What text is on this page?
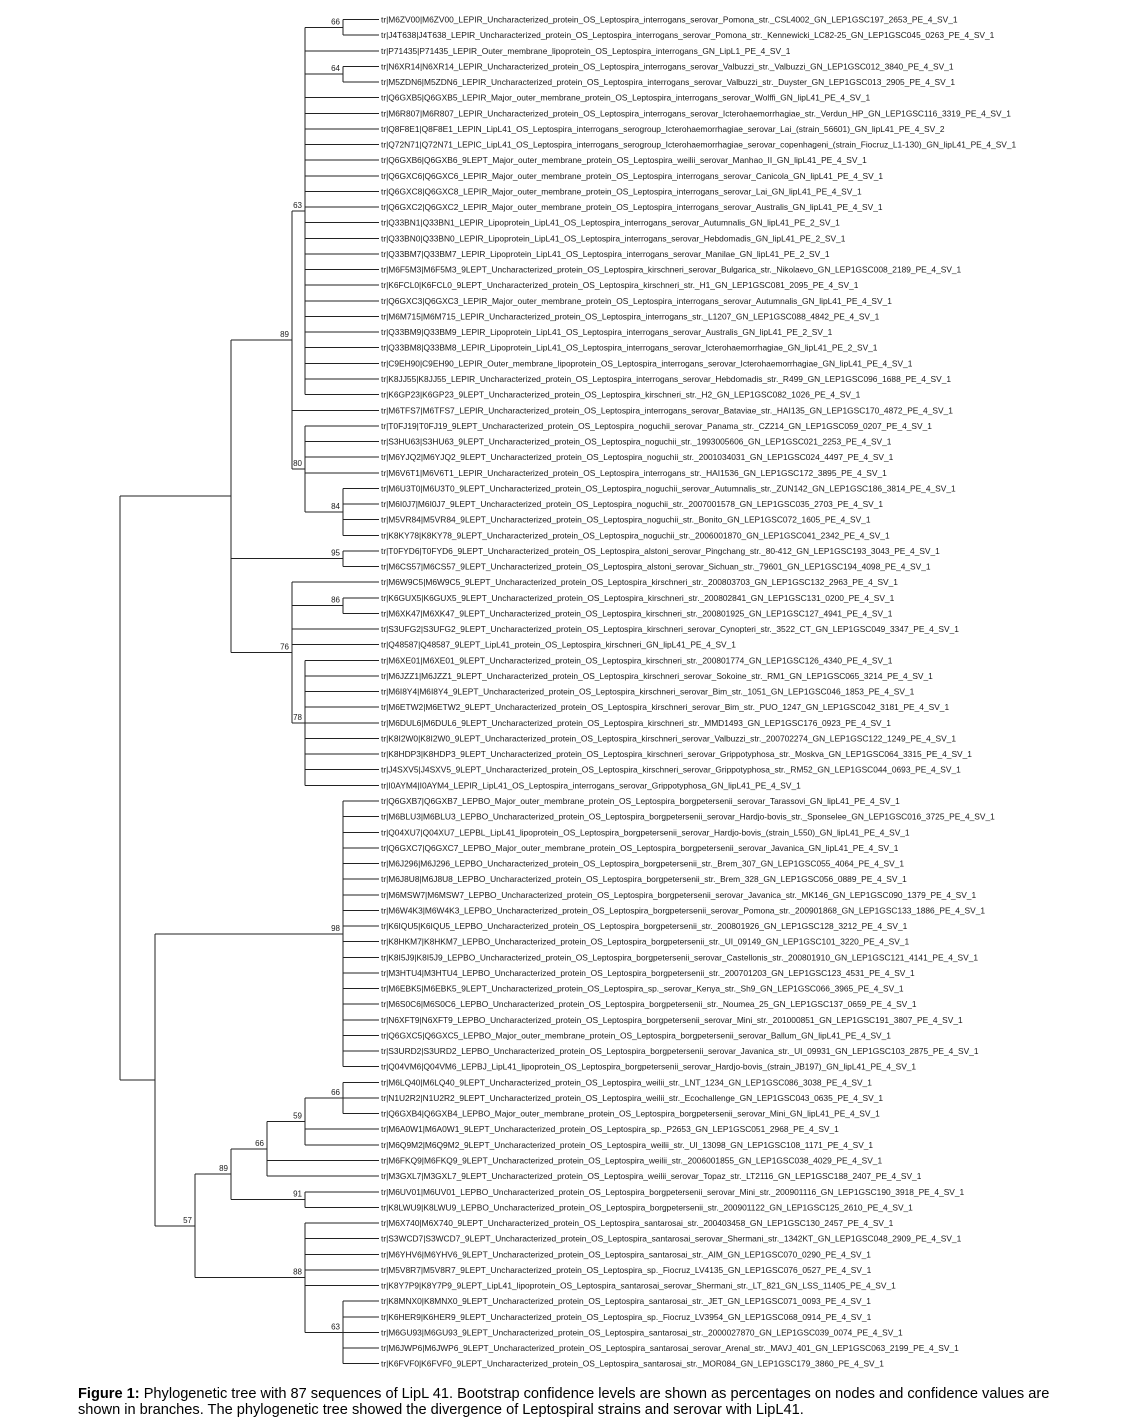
66
64
63
84
80
89
95
86
78
76
98
66
59
66
91
89
63
88
57
tr|M6ZV00|M6ZV00_LEPIR_Uncharacterized_protein_OS_Leptospira_interrogans_serovar_Pomona_str._CSL4002_GN_LEP1GSC197_2653_PE_4_SV_1
tr|J4T638|J4T638_LEPIR_Uncharacterized_protein_OS_Leptospira_interrogans_serovar_Pomona_str._Kennewicki_LC82-25_GN_LEP1GSC045_0263_PE_4_SV_1
tr|P71435|P71435_LEPIR_Outer_membrane_lipoprotein_OS_Leptospira_interrogans_GN_LipL1_PE_4_SV_1
tr|N6XR14|N6XR14_LEPIR_Uncharacterized_protein_OS_Leptospira_interrogans_serovar_Valbuzzi_str._Valbuzzi_GN_LEP1GSC012_3840_PE_4_SV_1
tr|M5ZDN6|M5ZDN6_LEPIR_Uncharacterized_protein_OS_Leptospira_interrogans_serovar_Valbuzzi_str._Duyster_GN_LEP1GSC013_2905_PE_4_SV_1
tr|Q6GXB5|Q6GXB5_LEPIR_Major_outer_membrane_protein_OS_Leptospira_interrogans_serovar_Wolffi_GN_lipL41_PE_4_SV_1
tr|M6R807|M6R807_LEPIR_Uncharacterized_protein_OS_Leptospira_interrogans_serovar_Icterohaemorrhagiae_str._Verdun_HP_GN_LEP1GSC116_3319_PE_4_SV_1
tr|Q8F8E1|Q8F8E1_LEPIN_LipL41_OS_Leptospira_interrogans_serogroup_Icterohaemorrhagiae_serovar_Lai_(strain_56601)_GN_lipL41_PE_4_SV_2
tr|Q72N71|Q72N71_LEPIC_LipL41_OS_Leptospira_interrogans_serogroup_Icterohaemorrhagiae_serovar_copenhageni_(strain_Fiocruz_L1-130)_GN_lipL41_PE_4_SV_1
tr|Q6GXB6|Q6GXB6_9LEPT_Major_outer_membrane_protein_OS_Leptospira_weilii_serovar_Manhao_II_GN_lipL41_PE_4_SV_1
tr|Q6GXC6|Q6GXC6_LEPIR_Major_outer_membrane_protein_OS_Leptospira_interrogans_serovar_Canicola_GN_lipL41_PE_4_SV_1
tr|Q6GXC8|Q6GXC8_LEPIR_Major_outer_membrane_protein_OS_Leptospira_interrogans_serovar_Lai_GN_lipL41_PE_4_SV_1
tr|Q6GXC2|Q6GXC2_LEPIR_Major_outer_membrane_protein_OS_Leptospira_interrogans_serovar_Australis_GN_lipL41_PE_4_SV_1
tr|Q33BN1|Q33BN1_LEPIR_Lipoprotein_LipL41_OS_Leptospira_interrogans_serovar_Autumnalis_GN_lipL41_PE_2_SV_1
tr|Q33BN0|Q33BN0_LEPIR_Lipoprotein_LipL41_OS_Leptospira_interrogans_serovar_Hebdomadis_GN_lipL41_PE_2_SV_1
tr|Q33BM7|Q33BM7_LEPIR_Lipoprotein_LipL41_OS_Leptospira_interrogans_serovar_Manilae_GN_lipL41_PE_2_SV_1
tr|M6F5M3|M6F5M3_9LEPT_Uncharacterized_protein_OS_Leptospira_kirschneri_serovar_Bulgarica_str._Nikolaevo_GN_LEP1GSC008_2189_PE_4_SV_1
tr|K6FCL0|K6FCL0_9LEPT_Uncharacterized_protein_OS_Leptospira_kirschneri_str._H1_GN_LEP1GSC081_2095_PE_4_SV_1
tr|Q6GXC3|Q6GXC3_LEPIR_Major_outer_membrane_protein_OS_Leptospira_interrogans_serovar_Autumnalis_GN_lipL41_PE_4_SV_1
tr|M6M715|M6M715_LEPIR_Uncharacterized_protein_OS_Leptospira_interrogans_str._L1207_GN_LEP1GSC088_4842_PE_4_SV_1
tr|Q33BM9|Q33BM9_LEPIR_Lipoprotein_LipL41_OS_Leptospira_interrogans_serovar_Australis_GN_lipL41_PE_2_SV_1
tr|Q33BM8|Q33BM8_LEPIR_Lipoprotein_LipL41_OS_Leptospira_interrogans_serovar_Icterohaemorrhagiae_GN_lipL41_PE_2_SV_1
tr|C9EH90|C9EH90_LEPIR_Outer_membrane_lipoprotein_OS_Leptospira_interrogans_serovar_Icterohaemorrhagiae_GN_lipL41_PE_4_SV_1
tr|K8JJ55|K8JJ55_LEPIR_Uncharacterized_protein_OS_Leptospira_interrogans_serovar_Hebdomadis_str._R499_GN_LEP1GSC096_1688_PE_4_SV_1
tr|K6GP23|K6GP23_9LEPT_Uncharacterized_protein_OS_Leptospira_kirschneri_str._H2_GN_LEP1GSC082_1026_PE_4_SV_1
tr|M6TFS7|M6TFS7_LEPIR_Uncharacterized_protein_OS_Leptospira_interrogans_serovar_Bataviae_str._HAI135_GN_LEP1GSC170_4872_PE_4_SV_1
tr|T0FJ19|T0FJ19_9LEPT_Uncharacterized_protein_OS_Leptospira_noguchii_serovar_Panama_str._CZ214_GN_LEP1GSC059_0207_PE_4_SV_1
tr|S3HU63|S3HU63_9LEPT_Uncharacterized_protein_OS_Leptospira_noguchii_str._1993005606_GN_LEP1GSC021_2253_PE_4_SV_1
tr|M6YJQ2|M6YJQ2_9LEPT_Uncharacterized_protein_OS_Leptospira_noguchii_str._2001034031_GN_LEP1GSC024_4497_PE_4_SV_1
tr|M6V6T1|M6V6T1_LEPIR_Uncharacterized_protein_OS_Leptospira_interrogans_str._HAI1536_GN_LEP1GSC172_3895_PE_4_SV_1
tr|M6U3T0|M6U3T0_9LEPT_Uncharacterized_protein_OS_Leptospira_noguchii_serovar_Autumnalis_str._ZUN142_GN_LEP1GSC186_3814_PE_4_SV_1
tr|M6I0J7|M6I0J7_9LEPT_Uncharacterized_protein_OS_Leptospira_noguchii_str._2007001578_GN_LEP1GSC035_2703_PE_4_SV_1
tr|M5VR84|M5VR84_9LEPT_Uncharacterized_protein_OS_Leptospira_noguchii_str._Bonito_GN_LEP1GSC072_1605_PE_4_SV_1
tr|K8KY78|K8KY78_9LEPT_Uncharacterized_protein_OS_Leptospira_noguchii_str._2006001870_GN_LEP1GSC041_2342_PE_4_SV_1
tr|T0FYD6|T0FYD6_9LEPT_Uncharacterized_protein_OS_Leptospira_alstoni_serovar_Pingchang_str._80-412_GN_LEP1GSC193_3043_PE_4_SV_1
tr|M6CS57|M6CS57_9LEPT_Uncharacterized_protein_OS_Leptospira_alstoni_serovar_Sichuan_str._79601_GN_LEP1GSC194_4098_PE_4_SV_1
tr|M6W9C5|M6W9C5_9LEPT_Uncharacterized_protein_OS_Leptospira_kirschneri_str._200803703_GN_LEP1GSC132_2963_PE_4_SV_1
tr|K6GUX5|K6GUX5_9LEPT_Uncharacterized_protein_OS_Leptospira_kirschneri_str._200802841_GN_LEP1GSC131_0200_PE_4_SV_1
tr|M6XK47|M6XK47_9LEPT_Uncharacterized_protein_OS_Leptospira_kirschneri_str._200801925_GN_LEP1GSC127_4941_PE_4_SV_1
tr|S3UFG2|S3UFG2_9LEPT_Uncharacterized_protein_OS_Leptospira_kirschneri_serovar_Cynopteri_str._3522_CT_GN_LEP1GSC049_3347_PE_4_SV_1
tr|Q48587|Q48587_9LEPT_LipL41_protein_OS_Leptospira_kirschneri_GN_lipL41_PE_4_SV_1
tr|M6XE01|M6XE01_9LEPT_Uncharacterized_protein_OS_Leptospira_kirschneri_str._200801774_GN_LEP1GSC126_4340_PE_4_SV_1
tr|M6JZZ1|M6JZZ1_9LEPT_Uncharacterized_protein_OS_Leptospira_kirschneri_serovar_Sokoine_str._RM1_GN_LEP1GSC065_3214_PE_4_SV_1
tr|M6I8Y4|M6I8Y4_9LEPT_Uncharacterized_protein_OS_Leptospira_kirschneri_serovar_Bim_str._1051_GN_LEP1GSC046_1853_PE_4_SV_1
tr|M6ETW2|M6ETW2_9LEPT_Uncharacterized_protein_OS_Leptospira_kirschneri_serovar_Bim_str._PUO_1247_GN_LEP1GSC042_3181_PE_4_SV_1
tr|M6DUL6|M6DUL6_9LEPT_Uncharacterized_protein_OS_Leptospira_kirschneri_str._MMD1493_GN_LEP1GSC176_0923_PE_4_SV_1
tr|K8I2W0|K8I2W0_9LEPT_Uncharacterized_protein_OS_Leptospira_kirschneri_serovar_Valbuzzi_str._200702274_GN_LEP1GSC122_1249_PE_4_SV_1
tr|K8HDP3|K8HDP3_9LEPT_Uncharacterized_protein_OS_Leptospira_kirschneri_serovar_Grippotyphosa_str._Moskva_GN_LEP1GSC064_3315_PE_4_SV_1
tr|J4SXV5|J4SXV5_9LEPT_Uncharacterized_protein_OS_Leptospira_kirschneri_serovar_Grippotyphosa_str._RM52_GN_LEP1GSC044_0693_PE_4_SV_1
tr|I0AYM4|I0AYM4_LEPIR_LipL41_OS_Leptospira_interrogans_serovar_Grippotyphosa_GN_lipL41_PE_4_SV_1
tr|Q6GXB7|Q6GXB7_LEPBO_Major_outer_membrane_protein_OS_Leptospira_borgpetersenii_serovar_Tarassovi_GN_lipL41_PE_4_SV_1
tr|M6BLU3|M6BLU3_LEPBO_Uncharacterized_protein_OS_Leptospira_borgpetersenii_serovar_Hardjo-bovis_str._Sponselee_GN_LEP1GSC016_3725_PE_4_SV_1
tr|Q04XU7|Q04XU7_LEPBL_LipL41_lipoprotein_OS_Leptospira_borgpetersenii_serovar_Hardjo-bovis_(strain_L550)_GN_lipL41_PE_4_SV_1
tr|Q6GXC7|Q6GXC7_LEPBO_Major_outer_membrane_protein_OS_Leptospira_borgpetersenii_serovar_Javanica_GN_lipL41_PE_4_SV_1
tr|M6J296|M6J296_LEPBO_Uncharacterized_protein_OS_Leptospira_borgpetersenii_str._Brem_307_GN_LEP1GSC055_4064_PE_4_SV_1
tr|M6J8U8|M6J8U8_LEPBO_Uncharacterized_protein_OS_Leptospira_borgpetersenii_str._Brem_328_GN_LEP1GSC056_0889_PE_4_SV_1
tr|M6MSW7|M6MSW7_LEPBO_Uncharacterized_protein_OS_Leptospira_borgpetersenii_serovar_Javanica_str._MK146_GN_LEP1GSC090_1379_PE_4_SV_1
tr|M6W4K3|M6W4K3_LEPBO_Uncharacterized_protein_OS_Leptospira_borgpetersenii_serovar_Pomona_str._200901868_GN_LEP1GSC133_1886_PE_4_SV_1
tr|K6IQU5|K6IQU5_LEPBO_Uncharacterized_protein_OS_Leptospira_borgpetersenii_str._200801926_GN_LEP1GSC128_3212_PE_4_SV_1
tr|K8HKM7|K8HKM7_LEPBO_Uncharacterized_protein_OS_Leptospira_borgpetersenii_str._UI_09149_GN_LEP1GSC101_3220_PE_4_SV_1
tr|K8I5J9|K8I5J9_LEPBO_Uncharacterized_protein_OS_Leptospira_borgpetersenii_serovar_Castellonis_str._200801910_GN_LEP1GSC121_4141_PE_4_SV_1
tr|M3HTU4|M3HTU4_LEPBO_Uncharacterized_protein_OS_Leptospira_borgpetersenii_str._200701203_GN_LEP1GSC123_4531_PE_4_SV_1
tr|M6EBK5|M6EBK5_9LEPT_Uncharacterized_protein_OS_Leptospira_sp._serovar_Kenya_str._Sh9_GN_LEP1GSC066_3965_PE_4_SV_1
tr|M6S0C6|M6S0C6_LEPBO_Uncharacterized_protein_OS_Leptospira_borgpetersenii_str._Noumea_25_GN_LEP1GSC137_0659_PE_4_SV_1
tr|N6XFT9|N6XFT9_LEPBO_Uncharacterized_protein_OS_Leptospira_borgpetersenii_serovar_Mini_str._201000851_GN_LEP1GSC191_3807_PE_4_SV_1
tr|Q6GXC5|Q6GXC5_LEPBO_Major_outer_membrane_protein_OS_Leptospira_borgpetersenii_serovar_Ballum_GN_lipL41_PE_4_SV_1
tr|S3URD2|S3URD2_LEPBO_Uncharacterized_protein_OS_Leptospira_borgpetersenii_serovar_Javanica_str._UI_09931_GN_LEP1GSC103_2875_PE_4_SV_1
tr|Q04VM6|Q04VM6_LEPBJ_LipL41_lipoprotein_OS_Leptospira_borgpetersenii_serovar_Hardjo-bovis_(strain_JB197)_GN_lipL41_PE_4_SV_1
tr|M6LQ40|M6LQ40_9LEPT_Uncharacterized_protein_OS_Leptospira_weilii_str._LNT_1234_GN_LEP1GSC086_3038_PE_4_SV_1
tr|N1U2R2|N1U2R2_9LEPT_Uncharacterized_protein_OS_Leptospira_weilii_str._Ecochallenge_GN_LEP1GSC043_0635_PE_4_SV_1
tr|Q6GXB4|Q6GXB4_LEPBO_Major_outer_membrane_protein_OS_Leptospira_borgpetersenii_serovar_Mini_GN_lipL41_PE_4_SV_1
tr|M6A0W1|M6A0W1_9LEPT_Uncharacterized_protein_OS_Leptospira_sp._P2653_GN_LEP1GSC051_2968_PE_4_SV_1
tr|M6Q9M2|M6Q9M2_9LEPT_Uncharacterized_protein_OS_Leptospira_weilii_str._UI_13098_GN_LEP1GSC108_1171_PE_4_SV_1
tr|M6FKQ9|M6FKQ9_9LEPT_Uncharacterized_protein_OS_Leptospira_weilii_str._2006001855_GN_LEP1GSC038_4029_PE_4_SV_1
tr|M3GXL7|M3GXL7_9LEPT_Uncharacterized_protein_OS_Leptospira_weilii_serovar_Topaz_str._LT2116_GN_LEP1GSC188_2407_PE_4_SV_1
tr|M6UV01|M6UV01_LEPBO_Uncharacterized_protein_OS_Leptospira_borgpetersenii_serovar_Mini_str._200901116_GN_LEP1GSC190_3918_PE_4_SV_1
tr|K8LWU9|K8LWU9_LEPBO_Uncharacterized_protein_OS_Leptospira_borgpetersenii_str._200901122_GN_LEP1GSC125_2610_PE_4_SV_1
tr|M6X740|M6X740_9LEPT_Uncharacterized_protein_OS_Leptospira_santarosai_str._200403458_GN_LEP1GSC130_2457_PE_4_SV_1
tr|S3WCD7|S3WCD7_9LEPT_Uncharacterized_protein_OS_Leptospira_santarosai_serovar_Shermani_str._1342KT_GN_LEP1GSC048_2909_PE_4_SV_1
tr|M6YHV6|M6YHV6_9LEPT_Uncharacterized_protein_OS_Leptospira_santarosai_str._AIM_GN_LEP1GSC070_0290_PE_4_SV_1
tr|M5V8R7|M5V8R7_9LEPT_Uncharacterized_protein_OS_Leptospira_sp._Fiocruz_LV4135_GN_LEP1GSC076_0527_PE_4_SV_1
tr|K8Y7P9|K8Y7P9_9LEPT_LipL41_lipoprotein_OS_Leptospira_santarosai_serovar_Shermani_str._LT_821_GN_LSS_11405_PE_4_SV_1
tr|K8MNX0|K8MNX0_9LEPT_Uncharacterized_protein_OS_Leptospira_santarosai_str._JET_GN_LEP1GSC071_0093_PE_4_SV_1
tr|K6HER9|K6HER9_9LEPT_Uncharacterized_protein_OS_Leptospira_sp._Fiocruz_LV3954_GN_LEP1GSC068_0914_PE_4_SV_1
tr|M6GU93|M6GU93_9LEPT_Uncharacterized_protein_OS_Leptospira_santarosai_str._2000027870_GN_LEP1GSC039_0074_PE_4_SV_1
tr|M6JWP6|M6JWP6_9LEPT_Uncharacterized_protein_OS_Leptospira_santarosai_serovar_Arenal_str._MAVJ_401_GN_LEP1GSC063_2199_PE_4_SV_1
tr|K6FVF0|K6FVF0_9LEPT_Uncharacterized_protein_OS_Leptospira_santarosai_str._MOR084_GN_LEP1GSC179_3860_PE_4_SV_1
Figure 1: Phylogenetic tree with 87 sequences of LipL 41. Bootstrap confidence levels are shown as percentages on nodes and confidence values are shown in branches. The phylogenetic tree showed the divergence of Leptospiral strains and serovar with LipL41.
